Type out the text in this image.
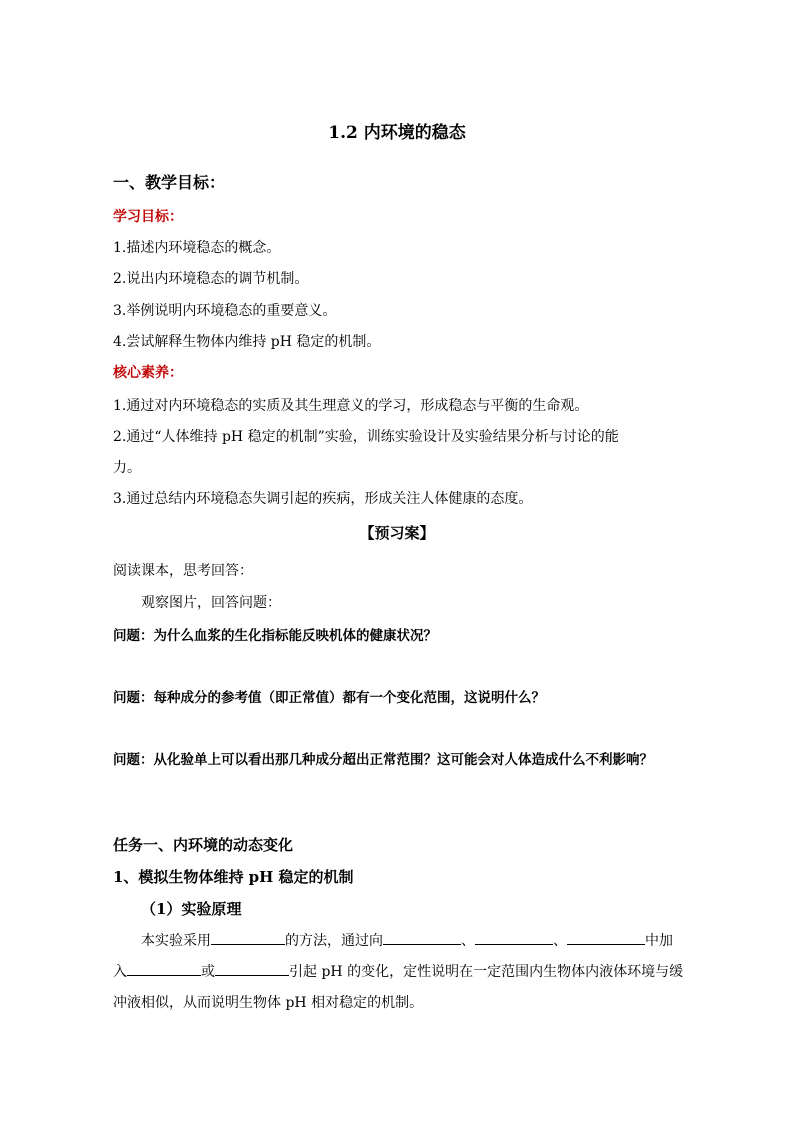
1.2 内环境的稳态
一、教学目标：
学习目标：
1.描述内环境稳态的概念。
2.说出内环境稳态的调节机制。
3.举例说明内环境稳态的重要意义。
4.尝试解释生物体内维持 pH 稳定的机制。
核心素养：
1.通过对内环境稳态的实质及其生理意义的学习，形成稳态与平衡的生命观。
2.通过“人体维持 pH 稳定的机制”实验，训练实验设计及实验结果分析与讨论的能
力。
3.通过总结内环境稳态失调引起的疾病，形成关注人体健康的态度。
【预习案】
阅读课本，思考回答：
观察图片，回答问题：
问题：为什么血浆的生化指标能反映机体的健康状况？
问题：每种成分的参考值（即正常值）都有一个变化范围，这说明什么？
问题：从化验单上可以看出那几种成分超出正常范围？这可能会对人体造成什么不利影响？
任务一、内环境的动态变化
1、模拟生物体维持 pH 稳定的机制
（1）实验原理
本实验采用	的方法，通过向	、	、	中加
入	或	引起 pH 的变化，定性说明在一定范围内生物体内液体环境与缓
冲液相似，从而说明生物体 pH 相对稳定的机制。
